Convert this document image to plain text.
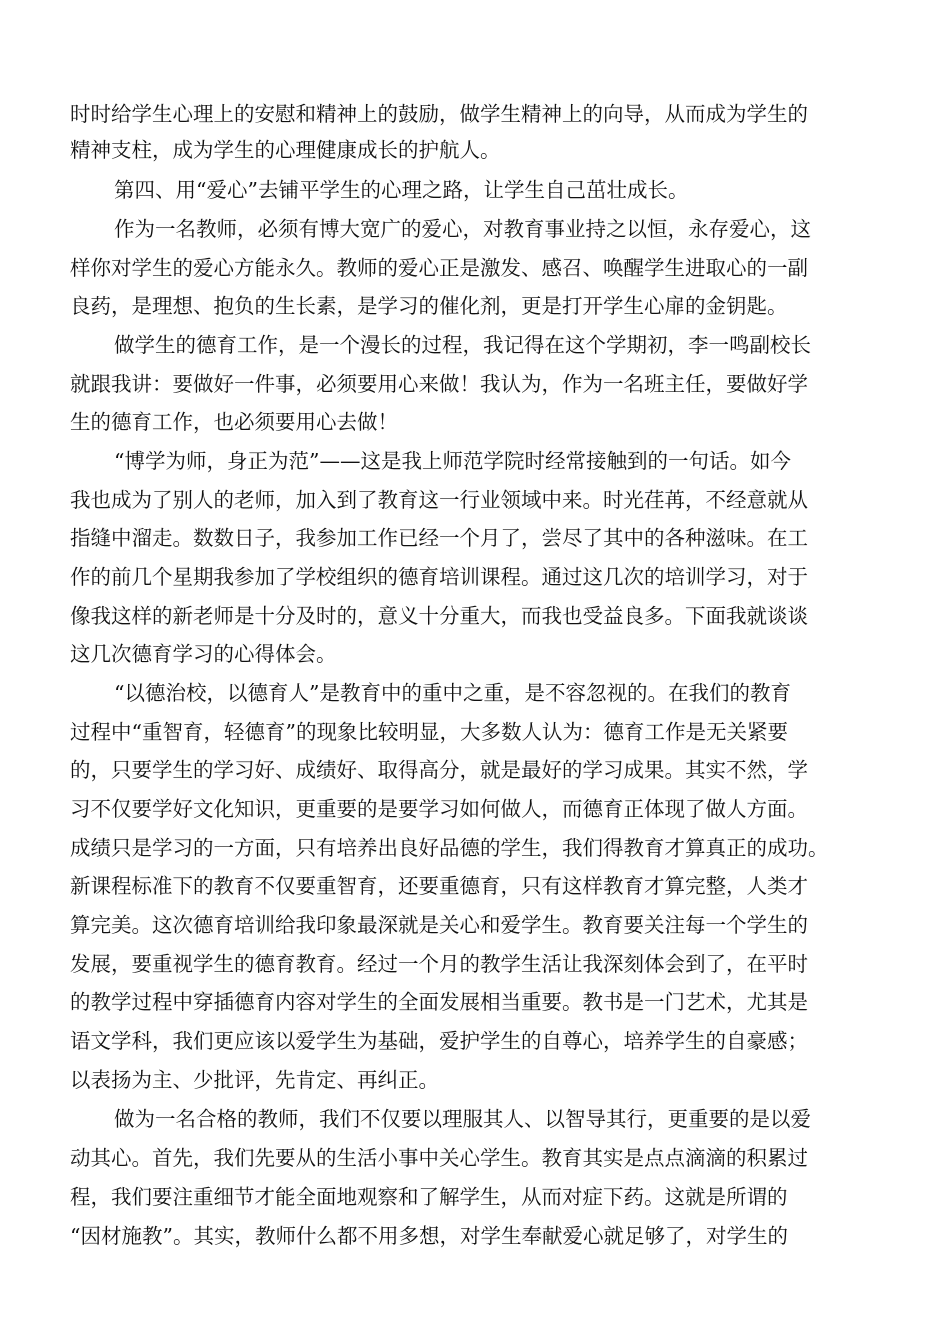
时时给学生心理上的安慰和精神上的鼓励，做学生精神上的向导，从而成为学生的
精神支柱，成为学生的心理健康成长的护航人。
第四、用“爱心”去铺平学生的心理之路，让学生自己茁壮成长。
作为一名教师，必须有博大宽广的爱心，对教育事业持之以恒，永存爱心，这
样你对学生的爱心方能永久。教师的爱心正是激发、感召、唤醒学生进取心的一副
良药，是理想、抱负的生长素，是学习的催化剂，更是打开学生心扉的金钥匙。
做学生的德育工作，是一个漫长的过程，我记得在这个学期初，李一鸣副校长
就跟我讲：要做好一件事，必须要用心来做！我认为，作为一名班主任，要做好学
生的德育工作，也必须要用心去做！
“博学为师，身正为范”——这是我上师范学院时经常接触到的一句话。如今
我也成为了别人的老师，加入到了教育这一行业领域中来。时光荏苒，不经意就从
指缝中溜走。数数日子，我参加工作已经一个月了，尝尽了其中的各种滋味。在工
作的前几个星期我参加了学校组织的德育培训课程。通过这几次的培训学习，对于
像我这样的新老师是十分及时的，意义十分重大，而我也受益良多。下面我就谈谈
这几次德育学习的心得体会。
“以德治校，以德育人”是教育中的重中之重，是不容忽视的。在我们的教育
过程中“重智育，轻德育”的现象比较明显，大多数人认为：德育工作是无关紧要
的，只要学生的学习好、成绩好、取得高分，就是最好的学习成果。其实不然，学
习不仅要学好文化知识，更重要的是要学习如何做人，而德育正体现了做人方面。
成绩只是学习的一方面，只有培养出良好品德的学生，我们得教育才算真正的成功。
新课程标准下的教育不仅要重智育，还要重德育，只有这样教育才算完整，人类才
算完美。这次德育培训给我印象最深就是关心和爱学生。教育要关注每一个学生的
发展，要重视学生的德育教育。经过一个月的教学生活让我深刻体会到了，在平时
的教学过程中穿插德育内容对学生的全面发展相当重要。教书是一门艺术，尤其是
语文学科，我们更应该以爱学生为基础，爱护学生的自尊心，培养学生的自豪感；
以表扬为主、少批评，先肯定、再纠正。
做为一名合格的教师，我们不仅要以理服其人、以智导其行，更重要的是以爱
动其心。首先，我们先要从的生活小事中关心学生。教育其实是点点滴滴的积累过
程，我们要注重细节才能全面地观察和了解学生，从而对症下药。这就是所谓的
“因材施教”。其实，教师什么都不用多想，对学生奉献爱心就足够了，对学生的
